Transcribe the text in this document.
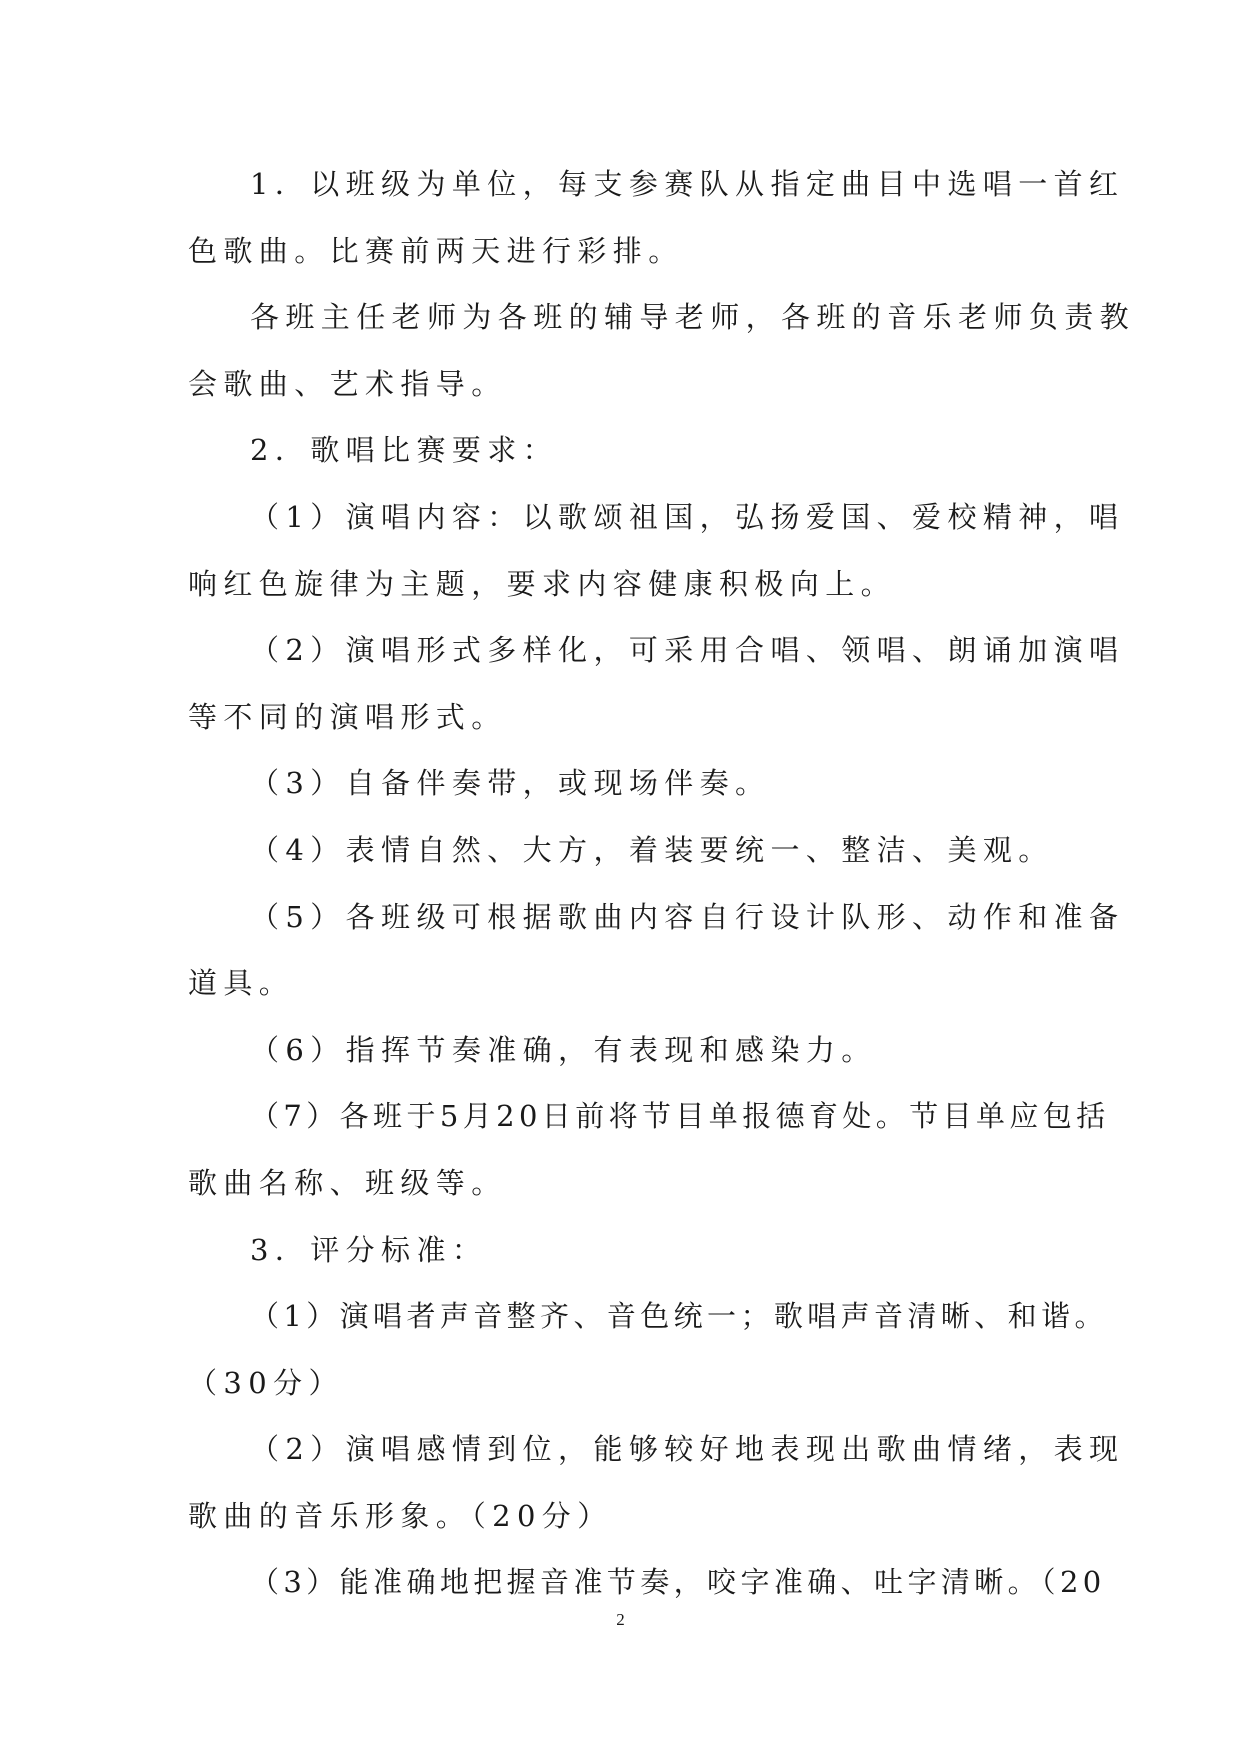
1．以班级为单位，每支参赛队从指定曲目中选唱一首红
色歌曲。比赛前两天进行彩排。
各班主任老师为各班的辅导老师，各班的音乐老师负责教
会歌曲、艺术指导。
2．歌唱比赛要求：
（1）演唱内容：以歌颂祖国，弘扬爱国、爱校精神，唱
响红色旋律为主题，要求内容健康积极向上。
（2）演唱形式多样化，可采用合唱、领唱、朗诵加演唱
等不同的演唱形式。
（3）自备伴奏带，或现场伴奏。
（4）表情自然、大方，着装要统一、整洁、美观。
（5）各班级可根据歌曲内容自行设计队形、动作和准备
道具。
（6）指挥节奏准确，有表现和感染力。
（7）各班于5月20日前将节目单报德育处。节目单应包括
歌曲名称、班级等。
3．评分标准：
（1）演唱者声音整齐、音色统一；歌唱声音清晰、和谐。
（30分）
（2）演唱感情到位，能够较好地表现出歌曲情绪，表现
歌曲的音乐形象。（20分）
（3）能准确地把握音准节奏，咬字准确、吐字清晰。（20
2
